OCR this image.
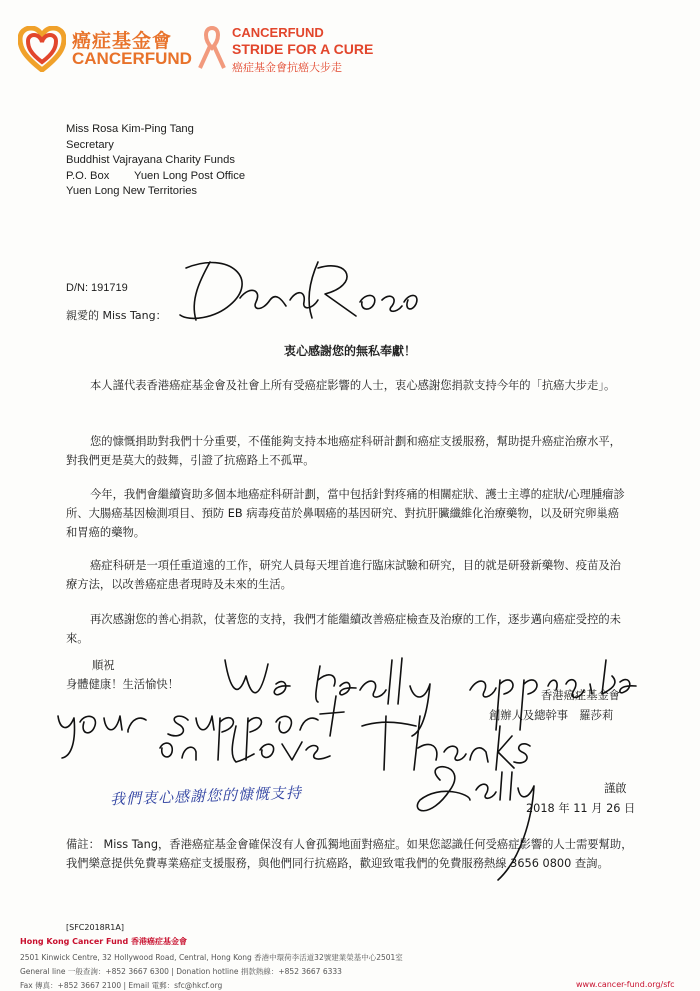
癌症基金會
CANCERFUND
CANCERFUND
STRIDE FOR A CURE
癌症基金會抗癌大步走
Miss Rosa Kim-Ping Tang
Secretary
Buddhist Vajrayana Charity Funds
P.O. Box        Yuen Long Post Office
Yuen Long New Territories
D/N: 191719
親愛的 Miss Tang：
衷心感謝您的無私奉獻！
本人謹代表香港癌症基金會及社會上所有受癌症影響的人士，衷心感謝您捐款支持今年的「抗癌大步走」。
您的慷慨捐助對我們十分重要，不僅能夠支持本地癌症科研計劃和癌症支援服務，幫助提升癌症治療水平，對我們更是莫大的鼓舞，引證了抗癌路上不孤單。
今年，我們會繼續資助多個本地癌症科研計劃，當中包括針對疼痛的相關症狀、護士主導的症狀/心理腫瘤診所、大腸癌基因檢測項目、預防 EB 病毒疫苗於鼻咽癌的基因研究、對抗肝臟纖維化治療藥物，以及研究卵巢癌和胃癌的藥物。
癌症科研是一項任重道遠的工作，研究人員每天埋首進行臨床試驗和研究，目的就是研發新藥物、疫苗及治療方法，以改善癌症患者現時及未來的生活。
再次感謝您的善心捐款，仗著您的支持，我們才能繼續改善癌症檢查及治療的工作，逐步邁向癌症受控的未來。
順祝
身體健康！生活愉快！
香港癌症基金會
創辦人及總幹事　羅莎莉
謹啟
2018 年 11 月 26 日
備註： Miss Tang，香港癌症基金會確保沒有人會孤獨地面對癌症。如果您認識任何受癌症影響的人士需要幫助，我們樂意提供免費專業癌症支援服務，與他們同行抗癌路，歡迎致電我們的免費服務熱線 3656 0800 查詢。
我們衷心感謝您的慷慨支持
[SFC2018R1A]
Hong Kong Cancer Fund 香港癌症基金會
2501 Kinwick Centre, 32 Hollywood Road, Central, Hong Kong 香港中環荷李活道32號建業榮基中心2501室
General line 一般查詢：+852 3667 6300 | Donation hotline 捐款熱線：+852 3667 6333
Fax 傳真：+852 3667 2100 | Email 電郵：sfc@hkcf.org	www.cancer-fund.org/sfc
